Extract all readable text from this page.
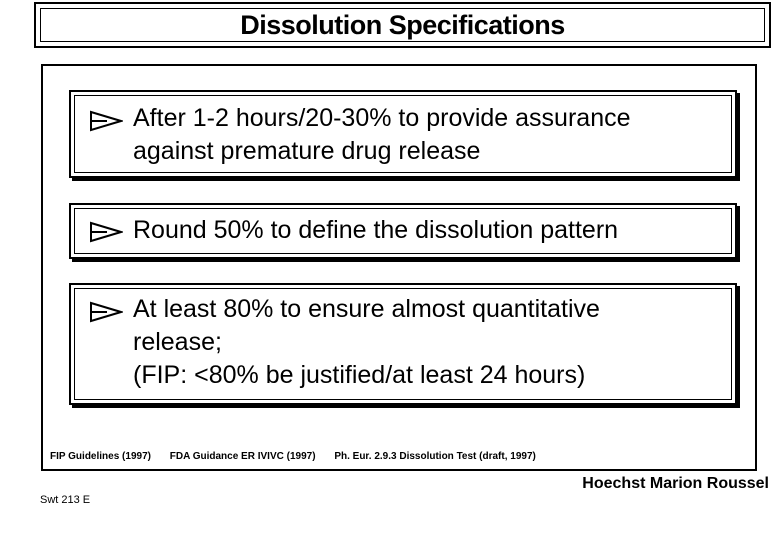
Dissolution Specifications
After 1-2 hours/20-30% to provide assurance
against premature drug release
Round 50% to define the dissolution pattern
At least 80% to ensure almost quantitative
release;
(FIP: <80% be justified/at least 24 hours)
FIP Guidelines (1997) FDA Guidance ER IVIVC (1997) Ph. Eur. 2.9.3 Dissolution Test (draft, 1997)
Hoechst Marion Roussel
Swt 213 E
